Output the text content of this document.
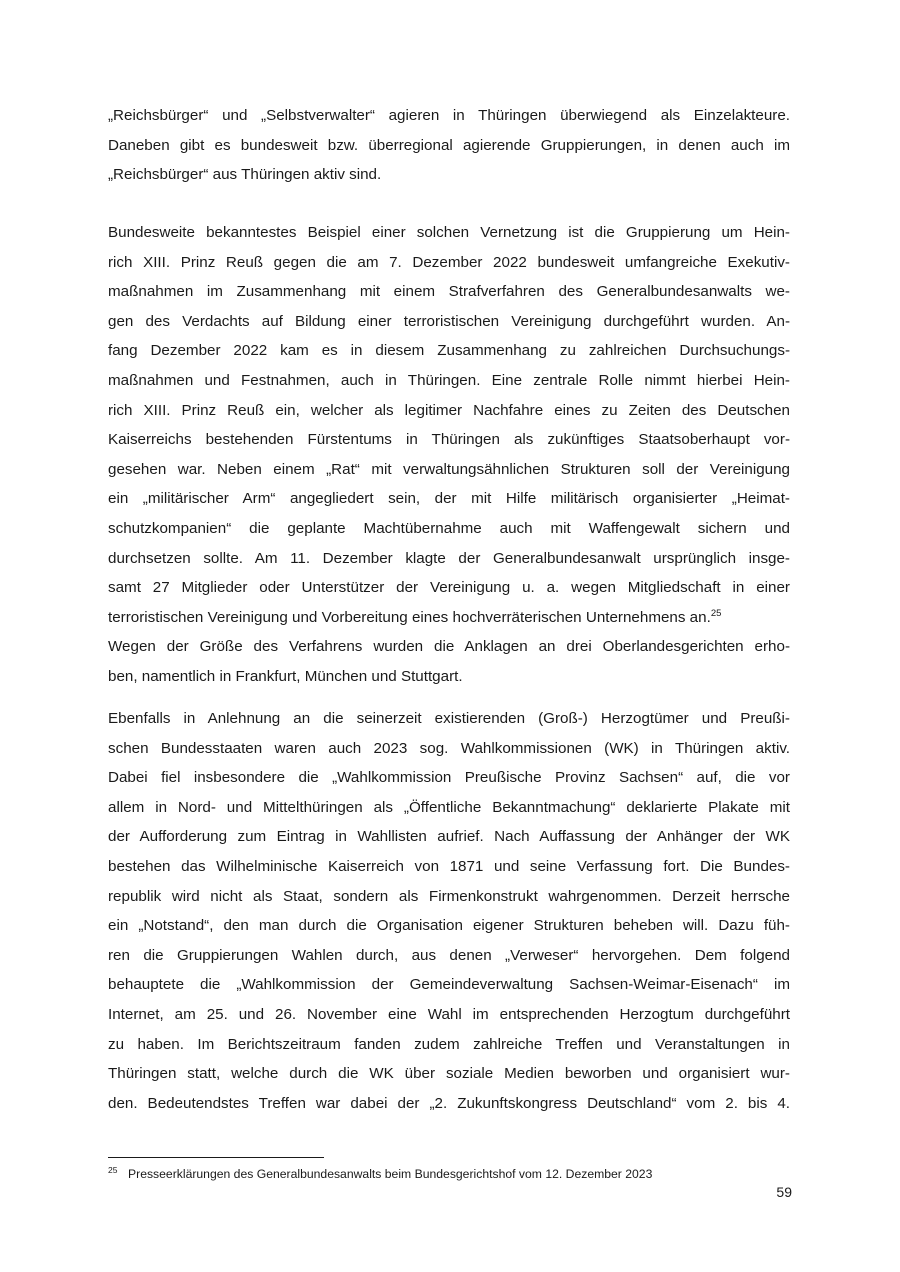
„Reichsbürger“ und „Selbstverwalter“ agieren in Thüringen überwiegend als Einzelakteure.
Daneben gibt es bundesweit bzw. überregional agierende Gruppierungen, in denen auch im
„Reichsbürger“ aus Thüringen aktiv sind.
Bundesweite bekanntestes Beispiel einer solchen Vernetzung ist die Gruppierung um Hein-
rich XIII. Prinz Reuß gegen die am 7. Dezember 2022 bundesweit umfangreiche Exekutiv-
maßnahmen im Zusammenhang mit einem Strafverfahren des Generalbundesanwalts we-
gen des Verdachts auf Bildung einer terroristischen Vereinigung durchgeführt wurden. An-
fang Dezember 2022 kam es in diesem Zusammenhang zu zahlreichen Durchsuchungs-
maßnahmen und Festnahmen, auch in Thüringen. Eine zentrale Rolle nimmt hierbei Hein-
rich XIII. Prinz Reuß ein, welcher als legitimer Nachfahre eines zu Zeiten des Deutschen
Kaiserreichs bestehenden Fürstentums in Thüringen als zukünftiges Staatsoberhaupt vor-
gesehen war. Neben einem „Rat“ mit verwaltungsähnlichen Strukturen soll der Vereinigung
ein „militärischer Arm“ angegliedert sein, der mit Hilfe militärisch organisierter „Heimat-
schutzkompanien“ die geplante Machtübernahme auch mit Waffengewalt sichern und
durchsetzen sollte. Am 11. Dezember klagte der Generalbundesanwalt ursprünglich insge-
samt 27 Mitglieder oder Unterstützer der Vereinigung u. a. wegen Mitgliedschaft in einer
terroristischen Vereinigung und Vorbereitung eines hochverräterischen Unternehmens an.$^{25}$
Wegen der Größe des Verfahrens wurden die Anklagen an drei Oberlandesgerichten erho-
ben, namentlich in Frankfurt, München und Stuttgart.
Ebenfalls in Anlehnung an die seinerzeit existierenden (Groß-) Herzogtümer und Preußi-
schen Bundesstaaten waren auch 2023 sog. Wahlkommissionen (WK) in Thüringen aktiv.
Dabei fiel insbesondere die „Wahlkommission Preußische Provinz Sachsen“ auf, die vor
allem in Nord- und Mittelthüringen als „Öffentliche Bekanntmachung“ deklarierte Plakate mit
der Aufforderung zum Eintrag in Wahllisten aufrief. Nach Auffassung der Anhänger der WK
bestehen das Wilhelminische Kaiserreich von 1871 und seine Verfassung fort. Die Bundes-
republik wird nicht als Staat, sondern als Firmenkonstrukt wahrgenommen. Derzeit herrsche
ein „Notstand“, den man durch die Organisation eigener Strukturen beheben will. Dazu füh-
ren die Gruppierungen Wahlen durch, aus denen „Verweser“ hervorgehen. Dem folgend
behauptete die „Wahlkommission der Gemeindeverwaltung Sachsen-Weimar-Eisenach“ im
Internet, am 25. und 26. November eine Wahl im entsprechenden Herzogtum durchgeführt
zu haben. Im Berichtszeitraum fanden zudem zahlreiche Treffen und Veranstaltungen in
Thüringen statt, welche durch die WK über soziale Medien beworben und organisiert wur-
den. Bedeutendstes Treffen war dabei der „2. Zukunftskongress Deutschland“ vom 2. bis 4.
25 Presseerklärungen des Generalbundesanwalts beim Bundesgerichtshof vom 12. Dezember 2023
59
